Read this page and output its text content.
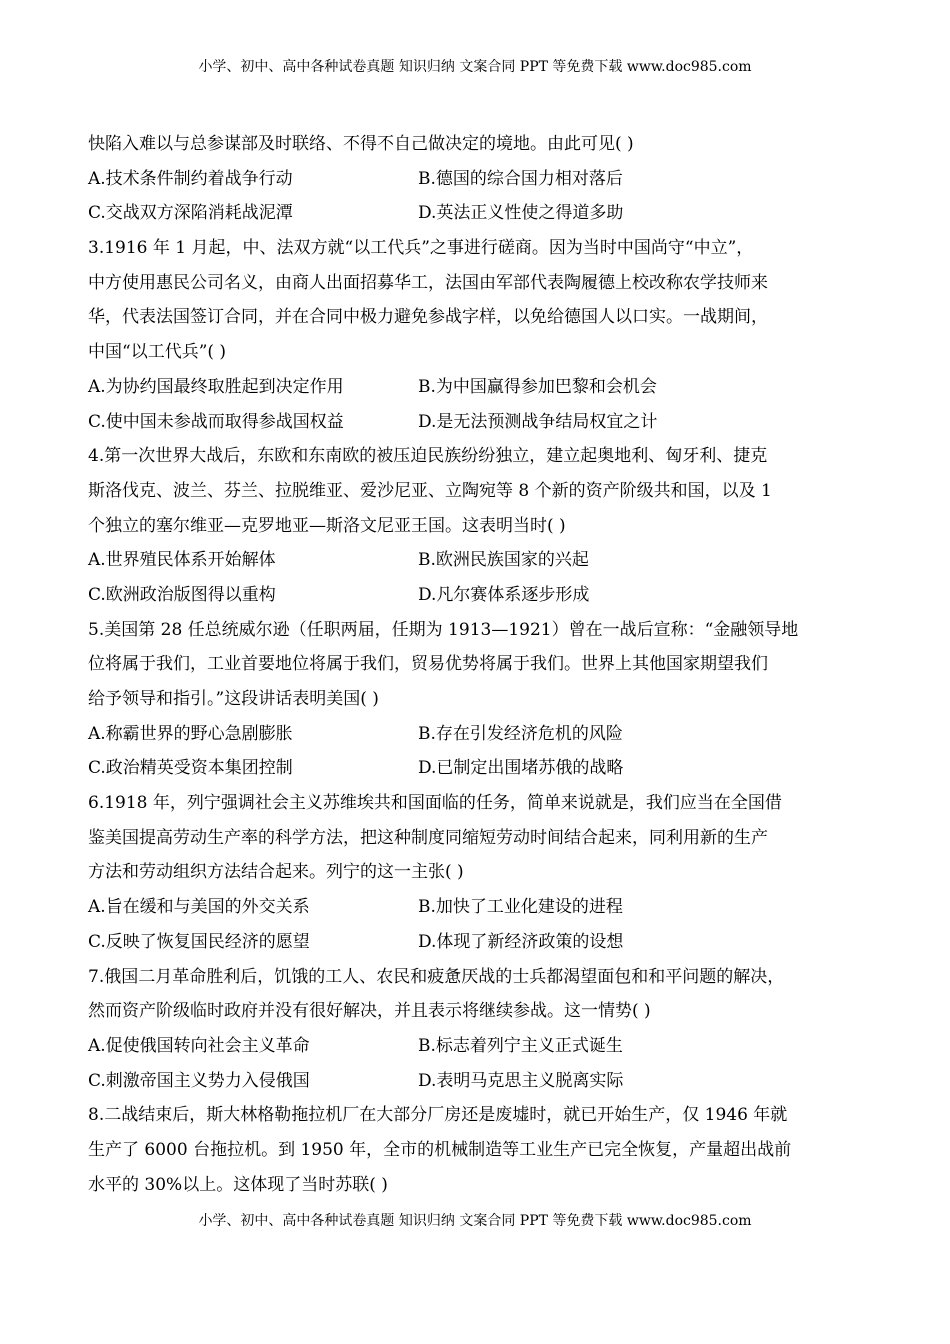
小学、初中、高中各种试卷真题 知识归纳 文案合同 PPT 等免费下载 www.doc985.com
快陷入难以与总参谋部及时联络、不得不自己做决定的境地。由此可见( )
A.技术条件制约着战争行动	B.德国的综合国力相对落后
C.交战双方深陷消耗战泥潭	D.英法正义性使之得道多助
3.1916 年 1 月起，中、法双方就“以工代兵”之事进行磋商。因为当时中国尚守“中立”，
中方使用惠民公司名义，由商人出面招募华工，法国由军部代表陶履德上校改称农学技师来
华，代表法国签订合同，并在合同中极力避免参战字样，以免给德国人以口实。一战期间，
中国“以工代兵”( )
A.为协约国最终取胜起到决定作用	B.为中国赢得参加巴黎和会机会
C.使中国未参战而取得参战国权益	D.是无法预测战争结局权宜之计
4.第一次世界大战后，东欧和东南欧的被压迫民族纷纷独立，建立起奥地利、匈牙利、捷克
斯洛伐克、波兰、芬兰、拉脱维亚、爱沙尼亚、立陶宛等 8 个新的资产阶级共和国，以及 1
个独立的塞尔维亚—克罗地亚—斯洛文尼亚王国。这表明当时( )
A.世界殖民体系开始解体	B.欧洲民族国家的兴起
C.欧洲政治版图得以重构	D.凡尔赛体系逐步形成
5.美国第 28 任总统威尔逊（任职两届，任期为 1913—1921）曾在一战后宣称：“金融领导地
位将属于我们，工业首要地位将属于我们，贸易优势将属于我们。世界上其他国家期望我们
给予领导和指引。”这段讲话表明美国( )
A.称霸世界的野心急剧膨胀	B.存在引发经济危机的风险
C.政治精英受资本集团控制	D.已制定出围堵苏俄的战略
6.1918 年，列宁强调社会主义苏维埃共和国面临的任务，简单来说就是，我们应当在全国借
鉴美国提高劳动生产率的科学方法，把这种制度同缩短劳动时间结合起来，同利用新的生产
方法和劳动组织方法结合起来。列宁的这一主张( )
A.旨在缓和与美国的外交关系	B.加快了工业化建设的进程
C.反映了恢复国民经济的愿望	D.体现了新经济政策的设想
7.俄国二月革命胜利后，饥饿的工人、农民和疲惫厌战的士兵都渴望面包和和平问题的解决，
然而资产阶级临时政府并没有很好解决，并且表示将继续参战。这一情势( )
A.促使俄国转向社会主义革命	B.标志着列宁主义正式诞生
C.刺激帝国主义势力入侵俄国	D.表明马克思主义脱离实际
8.二战结束后，斯大林格勒拖拉机厂在大部分厂房还是废墟时，就已开始生产，仅 1946 年就
生产了 6000 台拖拉机。到 1950 年，全市的机械制造等工业生产已完全恢复，产量超出战前
水平的 30%以上。这体现了当时苏联( )
小学、初中、高中各种试卷真题 知识归纳 文案合同 PPT 等免费下载 www.doc985.com
